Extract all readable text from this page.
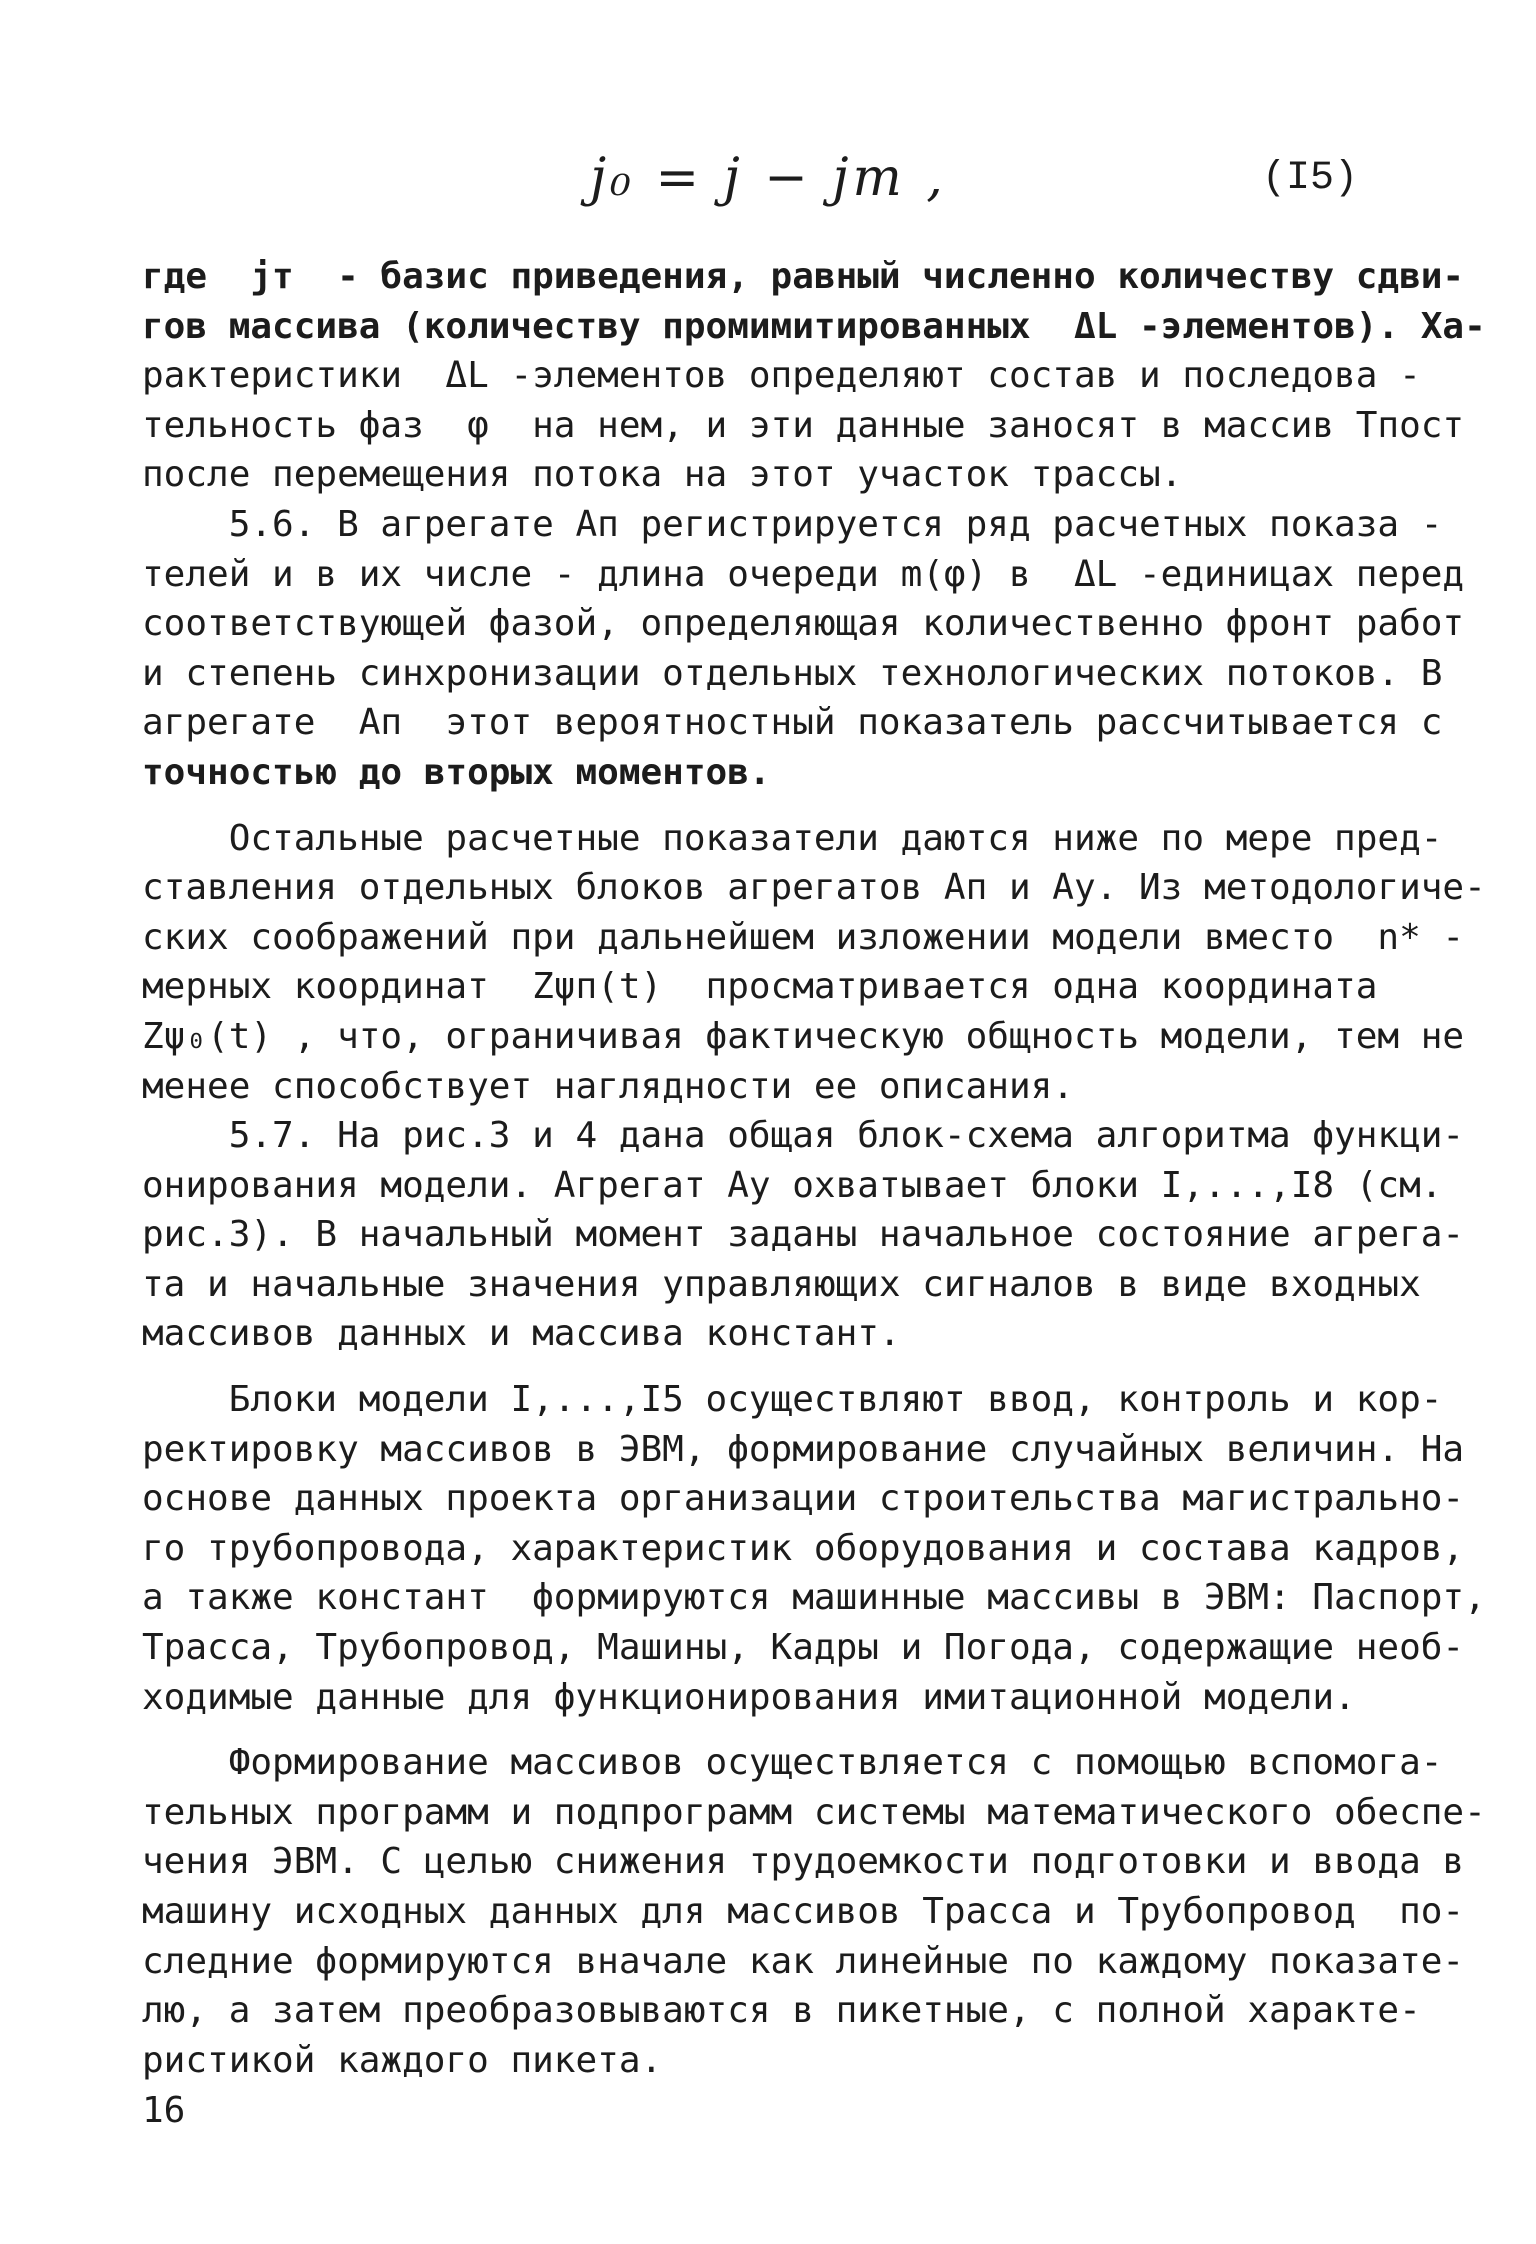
j₀ = j − jт ,	(I5)
где  jт  - базис приведения, равный численно количеству сдви-
гов массива (количеству промимитированных  ΔL -элементов). Ха-
рактеристики  ΔL -элементов определяют состав и последова -
тельность фаз  φ  на нем, и эти данные заносят в массив Тпост
после перемещения потока на этот участок трассы.
5.6. В агрегате Aп регистрируется ряд расчетных показа -
телей и в их числе - длина очереди m(φ) в  ΔL -единицах перед
соответствующей фазой, определяющая количественно фронт работ
и степень синхронизации отдельных технологических потоков. В
агрегате  Aп  этот вероятностный показатель рассчитывается с
точностью до вторых моментов.
Остальные расчетные показатели даются ниже по мере пред-
ставления отдельных блоков агрегатов Aп и Aу. Из методологиче-
ских соображений при дальнейшем изложении модели вместо  n* -
мерных координат  Zψп(t)  просматривается одна координата
Zψ₀(t) , что, ограничивая фактическую общность модели, тем не
менее способствует наглядности ее описания.
5.7. На рис.3 и 4 дана общая блок-схема алгоритма функци-
онирования модели. Агрегат Aу охватывает блоки I,...,I8 (см.
рис.3). В начальный момент заданы начальное состояние агрега-
та и начальные значения управляющих сигналов в виде входных
массивов данных и массива констант.
Блоки модели I,...,I5 осуществляют ввод, контроль и кор-
ректировку массивов в ЭВМ, формирование случайных величин. На
основе данных проекта организации строительства магистрально-
го трубопровода, характеристик оборудования и состава кадров,
а также констант  формируются машинные массивы в ЭВМ: Паспорт,
Трасса, Трубопровод, Машины, Кадры и Погода, содержащие необ-
ходимые данные для функционирования имитационной модели.
Формирование массивов осуществляется с помощью вспомога-
тельных программ и подпрограмм системы математического обеспе-
чения ЭВМ. С целью снижения трудоемкости подготовки и ввода в
машину исходных данных для массивов Трасса и Трубопровод  по-
следние формируются вначале как линейные по каждому показате-
лю, а затем преобразовываются в пикетные, с полной характе-
ристикой каждого пикета.
16
